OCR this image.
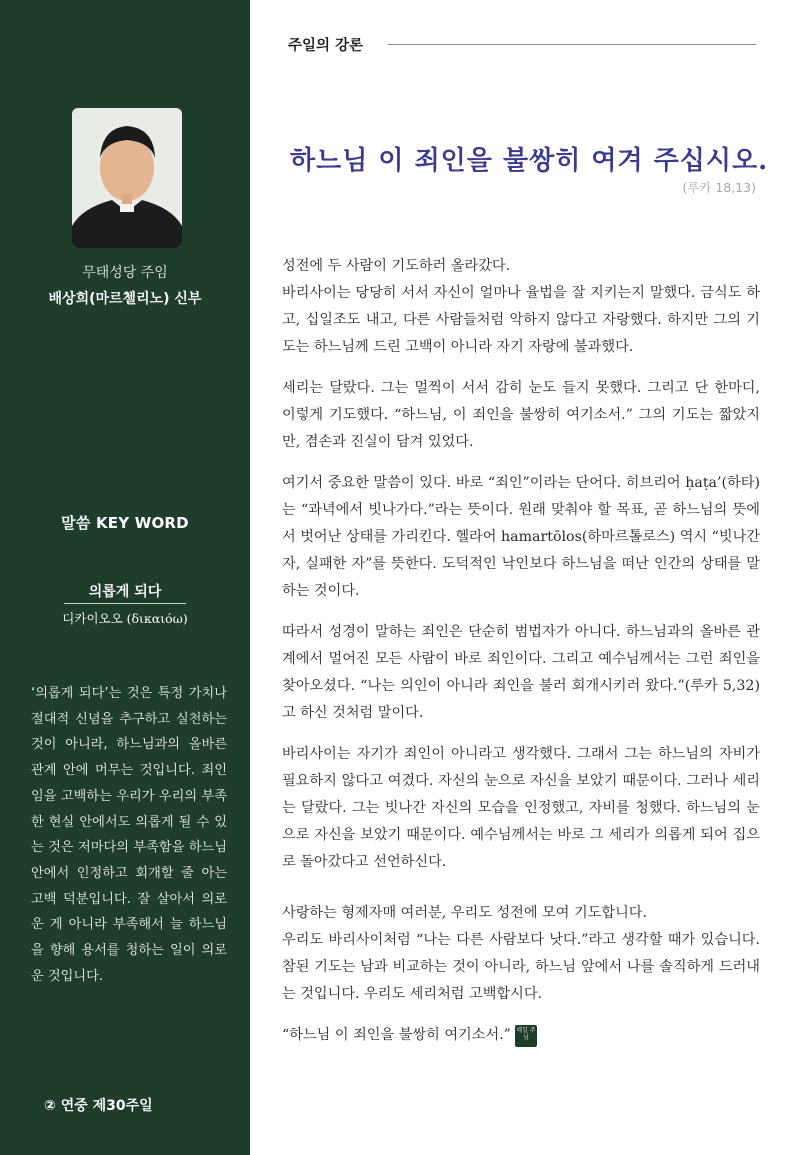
무태성당 주임
배상희(마르첼리노) 신부
말씀 KEY WORD
의롭게 되다
디카이오오 (δικαιόω)
‘의롭게 되다’는 것은 특정 가치나 절대적 신념을 추구하고 실천하는 것이 아니라, 하느님과의 올바른 관계 안에 머무는 것입니다. 죄인임을 고백하는 우리가 우리의 부족한 현실 안에서도 의롭게 될 수 있는 것은 저마다의 부족함을 하느님 안에서 인정하고 회개할 줄 아는 고백 덕분입니다. 잘 살아서 의로운 게 아니라 부족해서 늘 하느님을 향해 용서를 청하는 일이 의로운 것입니다.
② 연중 제30주일
주일의 강론
하느님 이 죄인을 불쌍히 여겨 주십시오.
(루카 18,13)

성전에 두 사람이 기도하러 올라갔다.
바리사이는 당당히 서서 자신이 얼마나 율법을 잘 지키는지 말했다. 금식도 하고, 십일조도 내고, 다른 사람들처럼 악하지 않다고 자랑했다. 하지만 그의 기도는 하느님께 드린 고백이 아니라 자기 자랑에 불과했다.

세리는 달랐다. 그는 멀찍이 서서 감히 눈도 들지 못했다. 그리고 단 한마디, 이렇게 기도했다. “하느님, 이 죄인을 불쌍히 여기소서.” 그의 기도는 짧았지만, 겸손과 진실이 담겨 있었다.

여기서 중요한 말씀이 있다. 바로 “죄인”이라는 단어다. 히브리어 ḥaṭa’(하타)는 “과녁에서 빗나가다.”라는 뜻이다. 원래 맞춰야 할 목표, 곧 하느님의 뜻에서 벗어난 상태를 가리킨다. 헬라어 hamartōlos(하마르톨로스) 역시 “빗나간 자, 실패한 자”를 뜻한다. 도덕적인 낙인보다 하느님을 떠난 인간의 상태를 말하는 것이다.

따라서 성경이 말하는 죄인은 단순히 범법자가 아니다. 하느님과의 올바른 관계에서 멀어진 모든 사람이 바로 죄인이다. 그리고 예수님께서는 그런 죄인을 찾아오셨다. “나는 의인이 아니라 죄인을 불러 회개시키러 왔다.”(루카 5,32)고 하신 것처럼 말이다.

바리사이는 자기가 죄인이 아니라고 생각했다. 그래서 그는 하느님의 자비가 필요하지 않다고 여겼다. 자신의 눈으로 자신을 보았기 때문이다. 그러나 세리는 달랐다. 그는 빗나간 자신의 모습을 인정했고, 자비를 청했다. 하느님의 눈으로 자신을 보았기 때문이다. 예수님께서는 바로 그 세리가 의롭게 되어 집으로 돌아갔다고 선언하신다.

사랑하는 형제자매 여러분, 우리도 성전에 모여 기도합니다.
우리도 바리사이처럼 “나는 다른 사람보다 낫다.”라고 생각할 때가 있습니다. 참된 기도는 남과 비교하는 것이 아니라, 하느님 앞에서 나를 솔직하게 드러내는 것입니다. 우리도 세리처럼 고백합시다.

“하느님 이 죄인을 불쌍히 여기소서.” 매일 주님
